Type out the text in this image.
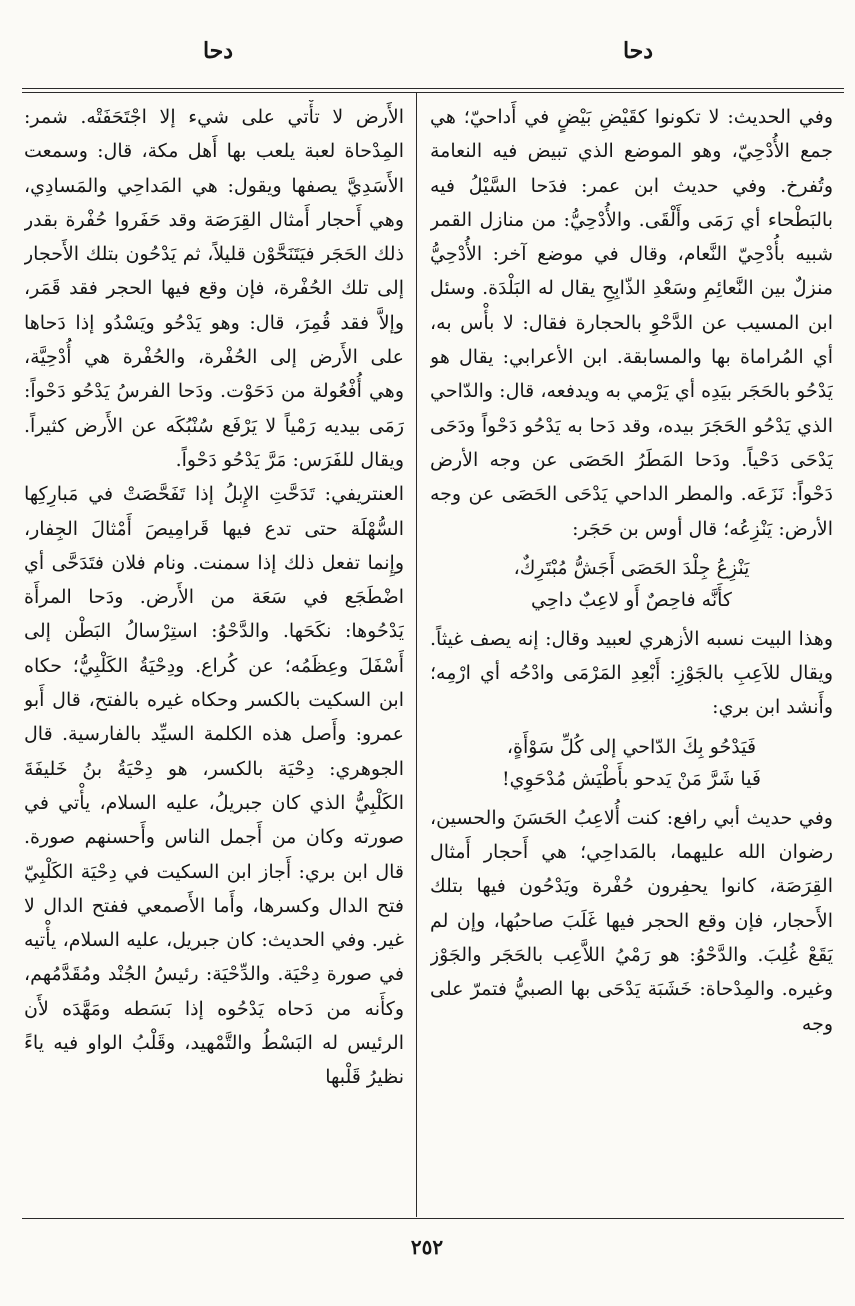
دحا
دحا

وفي الحديث: لا تكونوا كقَيْضِ بَيْضٍ في أَداحيّ؛ هي جمع الأُدْحِيّ، وهو الموضع الذي تبيض فيه النعامة وتُفرخ. وفي حديث ابن عمر: فدَحا السَّيْلُ فيه بالبَطْحاء أي رَمَى وأَلْقَى. والأُدْحِيُّ: من منازل القمر شبيه بأُدْحِيّ النَّعام، وقال في موضع آخر: الأُدْحِيُّ منزلٌ بين النَّعائِمِ وسَعْدِ الذّابِحِ يقال له البَلْدَة. وسئل ابن المسيب عن الدَّحْوِ بالحجارة فقال: لا بأْس به، أي المُراماة بها والمسابقة. ابن الأعرابي: يقال هو يَدْحُو بالحَجَر بيَدِه أي يَرْمي به ويدفعه، قال: والدّاحي الذي يَدْحُو الحَجَرَ بيده، وقد دَحا به يَدْحُو دَحْواً ودَحَى يَدْحَى دَحْياً. ودَحا المَطَرُ الحَصَى عن وجه الأرض دَحْواً: نَزَعَه. والمطر الداحي يَدْحَى الحَصَى عن وجه الأرض: يَنْزِعُه؛ قال أوس بن حَجَر:

يَنْزِعُ جِلْدَ الحَصَى أَجَشُّ مُبْتَرِكٌ،
كأَنَّه فاحِصٌ أَو لاعِبٌ داحِي

وهذا البيت نسبه الأزهري لعبيد وقال: إنه يصف غيثاً. ويقال للاَعِبِ بالجَوْزِ: أَبْعِدِ المَرْمَى وادْحُه أي ارْمِه؛ وأَنشد ابن بري:

فَيَدْحُو بِكَ الدّاحي إلى كُلِّ سَوْأَةٍ،
فَيا شَرَّ مَنْ يَدحو بأَطْيَش مُدْحَوِي!

وفي حديث أبي رافع: كنت أُلاعِبُ الحَسَنَ والحسين، رضوان الله عليهما، بالمَداحِي؛ هي أَحجار أَمثال القِرَصَة، كانوا يحفِرون حُفْرة ويَدْحُون فيها بتلك الأَحجار، فإن وقع الحجر فيها غَلَبَ صاحبُها، وإن لم يَقَعْ غُلِبَ. والدَّحْوُ: هو رَمْيُ اللاَّعِب بالحَجَر والجَوْز وغيره. والمِدْحاة: خَشَبَة يَدْحَى بها الصبيُّ فتمرّ على وجه

الأَرض لا تأْتي على شيء إلا اجْتَحَفَتْه. شمر: المِدْحاة لعبة يلعب بها أَهل مكة، قال: وسمعت الأَسَدِيَّ يصفها ويقول: هي المَداحِي والمَسادِي، وهي أَحجار أَمثال القِرَصَة وقد حَفَروا حُفْرة بقدر ذلك الحَجَر فيَتَنَحَّوْن قليلاً، ثم يَدْحُون بتلك الأَحجار إلى تلك الحُفْرة، فإن وقع فيها الحجر فقد قَمَر، وإلاَّ فقد قُمِرَ، قال: وهو يَدْحُو ويَسْدُو إذا دَحاها على الأَرض إلى الحُفْرة، والحُفْرة هي أُدْحِيَّة، وهي أُفْعُولة من دَحَوْت. ودَحا الفرسُ يَدْحُو دَحْواً: رَمَى بيديه رَمْياً لا يَرْفَع سُنْبُكَه عن الأَرض كثيراً. ويقال للفَرَس: مَرَّ يَدْحُو دَحْواً.

العنتريفي: تَدَحَّتِ الإِبلُ إذا تَفَحَّصَتْ في مَبارِكِها السُّهْلَة حتى تدع فيها قَرامِيصَ أَمْثالَ الجِفار، وإِنما تفعل ذلك إذا سمنت. ونام فلان فتَدَحَّى أي اضْطَجَع في سَعَة من الأَرض. ودَحا المرأَة يَدْحُوها: نكَحَها. والدَّحْوُ: استِرْسالُ البَطْن إلى أَسْفَلَ وعِظَمُه؛ عن كُراع. ودِحْيَةُ الكَلْبِيُّ؛ حكاه ابن السكيت بالكسر وحكاه غيره بالفتح، قال أَبو عمرو: وأَصل هذه الكلمة السيِّد بالفارسية. قال الجوهري: دِحْيَة بالكسر، هو دِحْيَةُ بنُ خَليفَةَ الكَلْبِيُّ الذي كان جبريلُ، عليه السلام، يأْتي في صورته وكان من أَجمل الناس وأَحسنهم صورة. قال ابن بري: أَجاز ابن السكيت في دِحْيَة الكَلْبِيّ فتح الدال وكسرها، وأَما الأَصمعي ففتح الدال لا غير. وفي الحديث: كان جبريل، عليه السلام، يأْتيه في صورة دِحْيَة. والدِّحْيَة: رئيسُ الجُنْد ومُقَدَّمُهم، وكأَنه من دَحاه يَدْحُوه إذا بَسَطه ومَهَّدَه لأَن الرئيس له البَسْطُ والتَّمْهيد، وقَلْبُ الواو فيه ياءً نظيرُ قَلْبها

٢٥٢
